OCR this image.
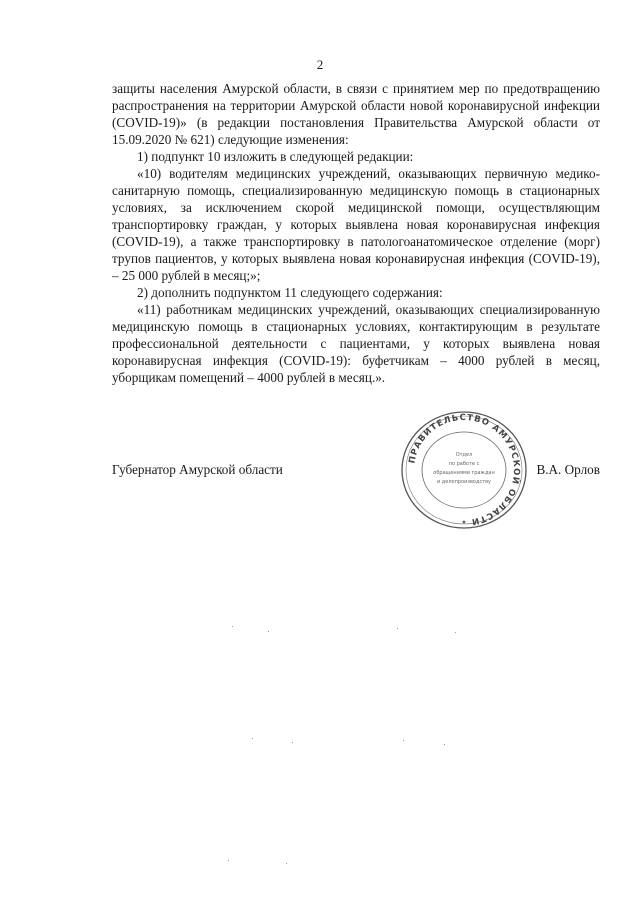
2

защиты населения Амурской области, в связи с принятием мер по предотвращению распространения на территории Амурской области новой коронавирусной инфекции (COVID-19)» (в редакции постановления Правительства Амурской области от 15.09.2020 № 621) следующие изменения:

1) подпункт 10 изложить в следующей редакции:

«10) водителям медицинских учреждений, оказывающих первичную медико-санитарную помощь, специализированную медицинскую помощь в стационарных условиях, за исключением скорой медицинской помощи, осуществляющим транспортировку граждан, у которых выявлена новая коронавирусная инфекция (COVID-19), а также транспортировку в патологоанатомическое отделение (морг) трупов пациентов, у которых выявлена новая коронавирусная инфекция (COVID-19), – 25 000 рублей в месяц;»;

2) дополнить подпунктом 11 следующего содержания:

«11) работникам медицинских учреждений, оказывающих специализированную медицинскую помощь в стационарных условиях, контактирующим в результате профессиональной деятельности с пациентами, у которых выявлена новая коронавирусная инфекция (COVID-19): буфетчикам – 4000 рублей в месяц, уборщикам помещений – 4000 рублей в месяц.».

ПРАВИТЕЛЬСТВО АМУРСКОЙ ОБЛАСТИ
Отдел
по работе с
обращениями граждан
и делопроизводству
★
Губернатор Амурской области	В.А. Орлов
